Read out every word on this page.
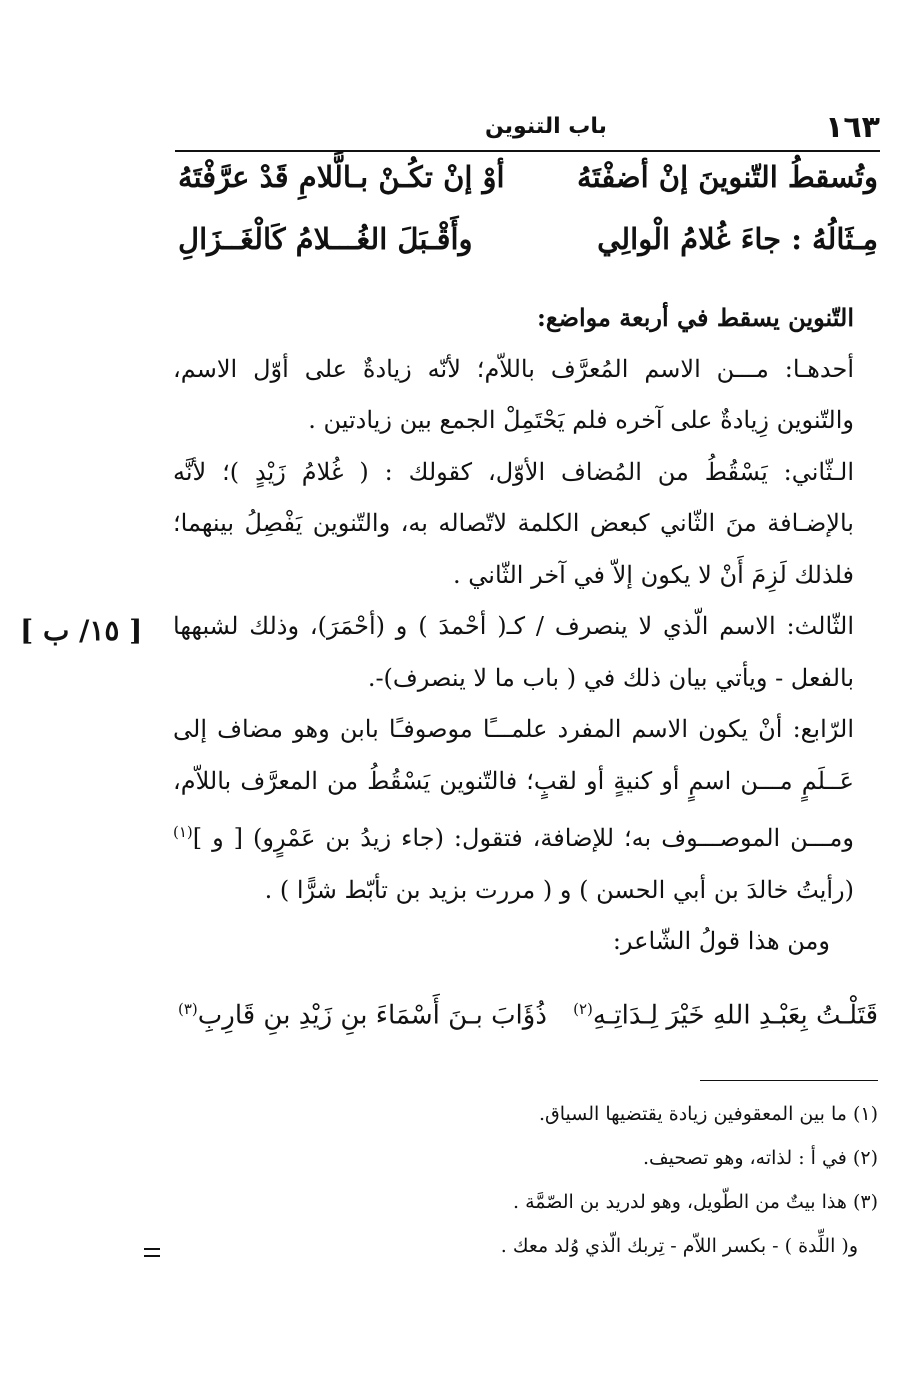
١٦٣
باب التنوين
وتُسقطُ التّنوينَ إنْ أضفْتَهُ
أوْ إنْ تكُـنْ بـالَّلامِ قَدْ عرَّفْتَهُ
مِـثَالُهُ : جاءَ غُلامُ الْوالِي
وأَقْـبَلَ الغُـــلامُ كَالْغَــزَالِ

التّنوين يسقط في أربعة مواضع:

أحدهـا: مـــن الاسم المُعرَّف باللاّم؛ لأنّه زيادةٌ على أوّل الاسم، والتّنوين زِيادةٌ على آخره فلم يَحْتَمِلْ الجمع بين زيادتين .

الـثّاني: يَسْقُطُ من المُضاف الأوّل، كقولك : ( غُلامُ زَيْدٍ )؛ لأنَّه بالإضـافة منَ الثّاني كبعض الكلمة لاتّصاله به، والتّنوين يَفْصِلُ بينهما؛ فلذلك لَزِمَ أَنْ لا يكون إلاّ في آخر الثّاني .

الثّالث: الاسم الّذي لا ينصرف / كـ( أحْمدَ ) و (أحْمَرَ)، وذلك لشبهها بالفعل - ويأتي بيان ذلك في ( باب ما لا ينصرف)-.

الرّابع: أنْ يكون الاسم المفرد علمـــًا موصوفـًا بابن وهو مضاف إلى عَــلَمٍ مـــن اسمٍ أو كنيةٍ أو لقبٍ؛ فالتّنوين يَسْقُطُ من المعرَّف باللاّم، ومـــن الموصـــوف به؛ للإضافة، فتقول: (جاء زيدُ بن عَمْرٍو) [ و ]$^{(١)}$ (رأيتُ خالدَ بن أبي الحسن ) و ( مررت بزيد بن تأبّط شرًّا ) .

ومن هذا قولُ الشّاعر:

[ ١٥/ ب ]
قَتَلْـتُ بِعَبْـدِ اللهِ خَيْرَ لِـدَاتِـهِ$^{(٢)}$
ذُؤَابَ بـنَ أَسْمَاءَ بنِ زَيْدِ بنِ قَارِبِ$^{(٣)}$

(١) ما بين المعقوفين زيادة يقتضيها السياق.

(٢) في أ : لذاته، وهو تصحيف.

(٣) هذا بيتٌ من الطّويل، وهو لدريد بن الصّمَّة .

و( اللِّدة ) - بكسر اللاّم - تِربك الّذي وُلد معك .
